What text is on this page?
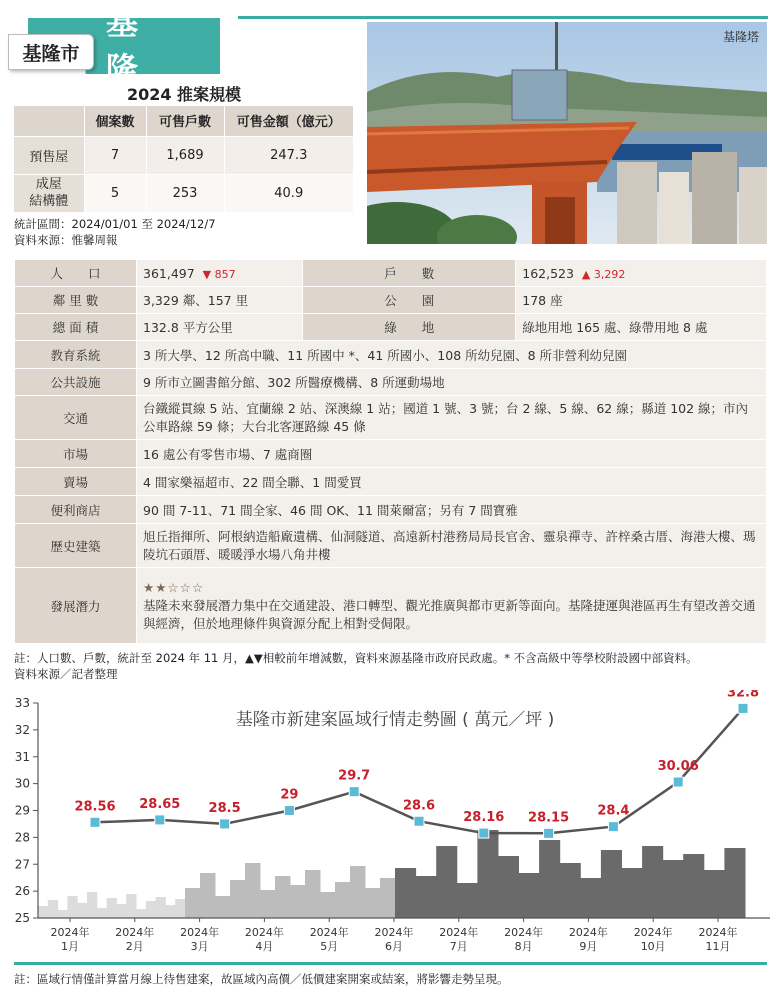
基 隆
基隆市
基隆塔
2024 推案規模
	個案數	可售戶數	可售金額（億元）
預售屋	7	1,689	247.3
成屋
結構體	5	253	40.9
統計區間：2024/01/01 至 2024/12/7
資料來源：惟馨周報
人　　口	361,497 ▼ 857	戶　　數	162,523 ▲ 3,292
鄰 里 數	3,329 鄰、157 里	公　　園	178 座
總 面 積	132.8 平方公里	綠　　地	綠地用地 165 處、綠帶用地 8 處
教育系統	3 所大學、12 所高中職、11 所國中 *、41 所國小、108 所幼兒園、8 所非營利幼兒園		
公共設施	9 所市立圖書館分館、302 所醫療機構、8 所運動場地		
交通	台鐵縱貫線 5 站、宜蘭線 2 站、深澳線 1 站；國道 1 號、3 號；台 2 線、5 線、62 線；縣道 102 線；市內公車路線 59 條；大台北客運路線 45 條		
市場	16 處公有零售市場、7 處商圈		
賣場	4 間家樂福超市、22 間全聯、1 間愛買		
便利商店	90 間 7-11、71 間全家、46 間 OK、11 間萊爾富；另有 7 間寶雅		
歷史建築	旭丘指揮所、阿根納造船廠遺構、仙洞隧道、高遠新村港務局局長官舍、靈泉禪寺、許梓桑古厝、海港大樓、瑪陵坑石頭厝、暖暖淨水場八角井樓		
發展潛力	★★☆☆☆
基隆未來發展潛力集中在交通建設、港口轉型、觀光推廣與都市更新等面向。基隆捷運與港區再生有望改善交通與經濟，但於地理條件與資源分配上相對受侷限。		
註：人口數、戶數，統計至 2024 年 11 月，▲▼相較前年增減數，資料來源基隆市政府民政處。* 不含高級中等學校附設國中部資料。
資料來源／記者整理
基隆市新建案區域行情走勢圖 ( 萬元／坪 )
25
26
27
28
29
30
31
32
33
2024年 1月
2024年 2月
2024年 3月
2024年 4月
2024年 5月
2024年 6月
2024年 7月
2024年 8月
2024年 9月
2024年 10月
2024年 11月
28.56 28.65 28.5
29
29.7
28.6
28.16 28.15 28.4
30.06
32.8
註：區域行情僅計算當月線上待售建案，故區域內高價／低價建案開案或結案，將影響走勢呈現。
